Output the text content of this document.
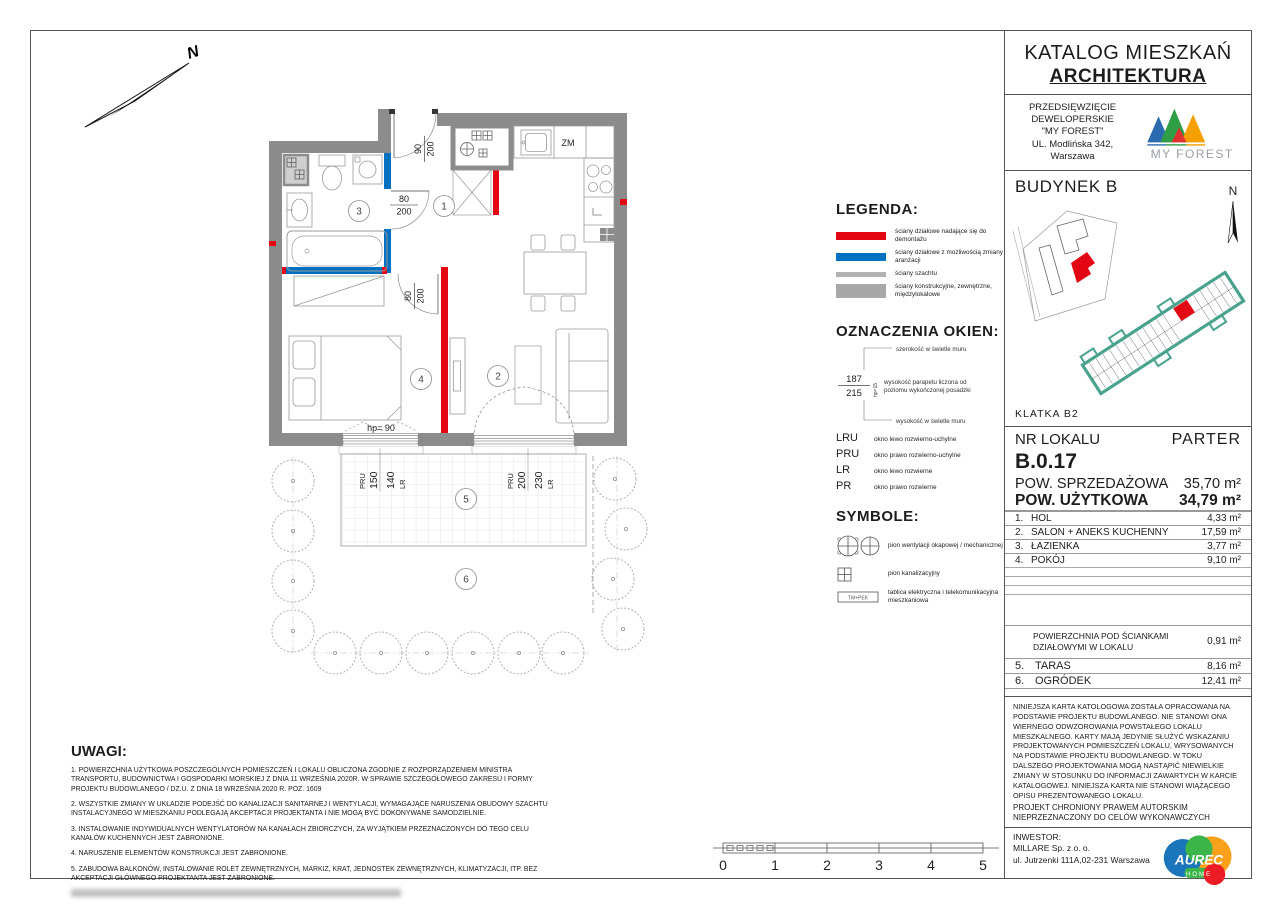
N
90 200
80
200
80 200
ZM
hp= 90
PRU 150 140 LR	PRU 200 230 LR
1
2
3
4
5
6
LEGENDA:
ściany działowe nadające się do demontażu
ściany działowe z możliwością zmiany aranżacji
ściany szachtu
ściany konstrukcyjne, zewnętrzne, międzylokalowe
OZNACZENIA OKIEN:
szerokość w świetle muru
187
215 hp=15
wysokość parapetu liczona od
poziomu wykończonej posadzki
wysokość w świetle muru
LRU	okno lewo rozwierno-uchylne
PRU	okno prawo rozwierno-uchylne
LR	okno lewo rozwierne
PR	okno prawo rozwierne
SYMBOLE:
pion wentylacji okapowej / mechanicznej
pion kanalizacyjny
TM+PEK
tablica elektryczna i telekomunikacyjna mieszkaniowa
UWAGI:
1. POWIERZCHNIA UŻYTKOWA POSZCZEGÓLNYCH POMIESZCZEŃ I LOKALU OBLICZONA ZGODNIE Z ROZPORZĄDZENIEM MINISTRA TRANSPORTU, BUDOWNICTWA I GOSPODARKI MORSKIEJ Z DNIA 11 WRZEŚNIA 2020R. W SPRAWIE SZCZEGÓŁOWEGO ZAKRESU I FORMY PROJEKTU BUDOWLANEGO / DZ.U. Z DNIA 18 WRZEŚNIA 2020 R. POZ. 1609
2. WSZYSTKIE ZMIANY W UKŁADZIE PODEJŚĆ DO KANALIZACJI SANITARNEJ I WENTYLACJI, WYMAGAJĄCE NARUSZENIA OBUDOWY SZACHTU INSTALACYJNEGO W MIESZKANIU PODLEGAJĄ AKCEPTACJI PROJEKTANTA I NIE MOGĄ BYĆ DOKONYWANE SAMODZIELNIE.
3. INSTALOWANIE INDYWIDUALNYCH WENTYLATORÓW NA KANAŁACH ZBIORCZYCH, ZA WYJĄTKIEM PRZEZNACZONYCH DO TEGO CELU KANAŁÓW KUCHENNYCH JEST ZABRONIONE.
4. NARUSZENIE ELEMENTÓW KONSTRUKCJI JEST ZABRONIONE.
5. ZABUDOWA BALKONÓW, INSTALOWANIE ROLET ZEWNĘTRZNYCH, MARKIZ, KRAT, JEDNOSTEK ZEWNĘTRZNYCH, KLIMATYZACJI, ITP. BEZ AKCEPTACJI GŁÓWNEGO PROJEKTANTA JEST ZABRONIONE.
0	1	2	3	4	5
KATALOG MIESZKAŃ
ARCHITEKTURA
PRZEDSIĘWZIĘCIE
DEWELOPERSKIE
"MY FOREST"
UL. Modlińska 342, Warszawa	MY FOREST
BUDYNEK B	N
KLATKA B2
NR LOKALU	PARTER
B.0.17
POW. SPRZEDAŻOWA 35,70 m²
POW. UŻYTKOWA 34,79 m²
1. HOL	4,33 m²
2. SALON + ANEKS KUCHENNY	17,59 m²
3. ŁAZIENKA	3,77 m²
4. POKÓJ	9,10 m²
POWIERZCHNIA POD ŚCIANKAMI
DZIAŁOWYMI W LOKALU
0,91 m²
5. TARAS	8,16 m²
6. OGRÓDEK	12,41 m²
NINIEJSZA KARTA KATOLOGOWA ZOSTAŁA OPRACOWANA NA PODSTAWIE PROJEKTU BUDOWLANEGO. NIE STANOWI ONA WIERNEGO ODWZOROWANIA POWSTAŁEGO LOKALU MIESZKALNEGO. KARTY MAJĄ JEDYNIE SŁUŻYĆ WSKAZANIU PROJEKTOWANYCH POMIESZCZEŃ LOKALU, WRYSOWANYCH NA PODSTAWIE PROJEKTU BUDOWLANEGO. W TOKU DALSZEGO PROJEKTOWANIA MOGĄ NASTĄPIĆ NIEWIELKIE ZMIANY W STOSUNKU DO INFORMACJI ZAWARTYCH W KARCIE KATALOGOWEJ. NINIEJSZA KARTA NIE STANOWI WIĄŻĄCEGO OPISU PREZENTOWANEGO LOKALU.
PROJEKT CHRONIONY PRAWEM AUTORSKIM
NIEPRZEZNACZONY DO CELÓW WYKONAWCZYCH
INWESTOR:
MILLARE Sp. z o. o.
ul. Jutrzenki 111A,02-231 Warszawa	AUREC
HOME
